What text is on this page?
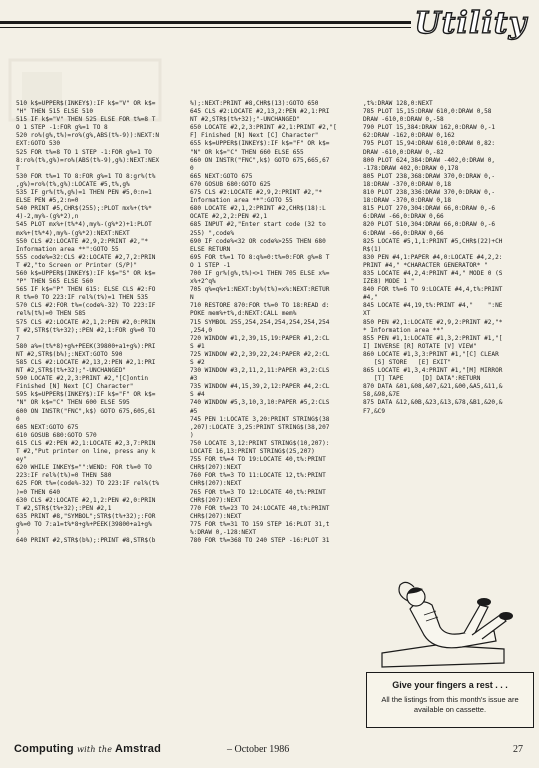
Utility
510 k$=UPPER$(INKEY$):IF k$="V" OR k$=
"H" THEN 515 ELSE 510
515 IF k$="V" THEN 525 ELSE FOR t%=8 T
O 1 STEP -1:FOR g%=1 TO 8
520 ro%(g%,t%)=ro%(g%,ABS(t%-9)):NEXT:N
EXT:GOTO 530
525 FOR t%=8 TO 1 STEP -1:FOR g%=1 TO
8:ro%(t%,g%)=ro%(ABS(t%-9),g%):NEXT:NEX
T
530 FOR t%=1 TO 8:FOR g%=1 TO 8:gr%(t%
,g%)=ro%(t%,g%):LOCATE #5,t%,g%
535 IF gr%(t%,g%)=1 THEN PEN #5,0:n=1
ELSE PEN #5,2:n=0
540 PRINT #5,CHR$(255);:PLOT mx%+(t%*
4)-2,my%-(g%*2),n
545 PLOT mx%+(t%*4),my%-(g%*2)+1:PLOT
mx%+(t%*4),my%-(g%*2):NEXT:NEXT
550 CLS #2:LOCATE #2,9,2:PRINT #2,"*
Information area **":GOTO 55
555 code%=32:CLS #2:LOCATE #2,7,2:PRIN
T #2,"to Screen or Printer (S/P)"
560 k$=UPPER$(INKEY$):IF k$="S" OR k$=
"P" THEN 565 ELSE 560
565 IF k$="P" THEN 615: ELSE CLS #2:FO
R t%=0 TO 223:IF rel%(t%)=1 THEN 535
570 CLS #2:FOR t%=(code%-32) TO 223:IF
rel%(t%)=0 THEN 585
575 CLS #2:LOCATE #2,1,2:PEN #2,0:PRIN
T #2,STR$(t%+32);:PEN #2,1:FOR g%=0 TO
7
580 a%=(t%*8)+g%+PEEK(39800+a1+g%):PRI
NT #2,STR$(b%);:NEXT:GOTO 590
585 CLS #2:LOCATE #2,13,2:PEN #2,1:PRI
NT #2,STR$(t%+32);"-UNCHANGED"
590 LOCATE #2,2,3:PRINT #2,"[C]ontin
Finished [N] Next [C] Character"
595 k$=UPPER$(INKEY$):IF k$="F" OR k$=
"N" OR k$="C" THEN 600 ELSE 595
600 ON INSTR("FNC",k$) GOTO 675,605,61
0
605 NEXT:GOTO 675
610 GOSUB 680:GOTO 570
615 CLS #2:PEN #2,1:LOCATE #2,3,7:PRIN
T #2,"Put printer on line, press any k
ey"
620 WHILE INKEY$="":WEND: FOR t%=0 TO
223:IF rel%(t%)=0 THEN 580
625 FOR t%=(code%-32) TO 223:IF rel%(t%
)=0 THEN 640
630 CLS #2:LOCATE #2,1,2:PEN #2,0:PRIN
T #2,STR$(t%+32);:PEN #2,1
635 PRINT #8,"SYMBOL";STR$(t%+32);:FOR
g%=0 TO 7:a1=t%*8+g%+PEEK(39800+a1+g%
)
640 PRINT #2,STR$(b%);:PRINT #8,STR$(b
%);:NEXT:PRINT #8,CHR$(13):GOTO 650
645 CLS #2:LOCATE #2,13,2:PEN #2,1:PRI
NT #2,STR$(t%+32);"-UNCHANGED"
650 LOCATE #2,2,3:PRINT #2,1:PRINT #2,"[
F] Finished [N] Next [C] Character"
655 k$=UPPER$(INKEY$):IF k$="F" OR k$=
"N" OR k$="C" THEN 660 ELSE 655
660 ON INSTR("FNC",k$) GOTO 675,665,67
0
665 NEXT:GOTO 675
670 GOSUB 680:GOTO 625
675 CLS #2:LOCATE #2,9,2:PRINT #2,"*
Information area **":GOTO 55
680 LOCATE #2,1,2:PRINT #2,CHR$(18):L
OCATE #2,2,2:PEN #2,1
685 INPUT #2,"Enter start code (32 to
255) ",code%
690 IF code%<32 OR code%>255 THEN 680
ELSE RETURN
695 FOR t%=1 TO 8:q%=0:t%=0:FOR g%=8 T
O 1 STEP -1
700 IF gr%(g%,t%)<>1 THEN 705 ELSE x%=
x%+2^q%
705 q%=q%+1:NEXT:by%(t%)=x%:NEXT:RETUR
N
710 RESTORE 870:FOR t%=0 TO 18:READ d:
POKE mem%+t%,d:NEXT:CALL mem%
715 SYMBOL 255,254,254,254,254,254,254
,254,0
720 WINDOW #1,2,39,15,19:PAPER #1,2:CL
S #1
725 WINDOW #2,2,39,22,24:PAPER #2,2:CL
S #2
730 WINDOW #3,2,11,2,11:PAPER #3,2:CLS
#3
735 WINDOW #4,15,39,2,12:PAPER #4,2:CL
S #4
740 WINDOW #5,3,10,3,10:PAPER #5,2:CLS
#5
745 PEN 1:LOCATE 3,20:PRINT STRING$(38
,207):LOCATE 3,25:PRINT STRING$(38,207
)
750 LOCATE 3,12:PRINT STRING$(10,207):
LOCATE 16,13:PRINT STRING$(25,207)
755 FOR t%=4 TO 19:LOCATE 40,t%:PRINT
CHR$(207):NEXT
760 FOR t%=3 TO 11:LOCATE 12,t%:PRINT
CHR$(207):NEXT
765 FOR t%=3 TO 12:LOCATE 40,t%:PRINT
CHR$(207):NEXT
770 FOR t%=23 TO 24:LOCATE 40,t%:PRINT
CHR$(207):NEXT
775 FOR t%=31 TO 159 STEP 16:PLOT 31,t
%:DRAW 0,-128:NEXT
780 FOR t%=368 TO 240 STEP -16:PLOT 31
,t%:DRAW 128,0:NEXT
785 PLOT 15,15:DRAW 610,0:DRAW 0,58
DRAW -610,0:DRAW 0,-58
790 PLOT 15,384:DRAW 162,0:DRAW 0,-1
62:DRAW -162,0:DRAW 0,162
795 PLOT 15,94:DRAW 610,0:DRAW 0,82:
DRAW -610,0:DRAW 0,-82
800 PLOT 624,384:DRAW -402,0:DRAW 0,
-178:DRAW 402,0:DRAW 0,178
805 PLOT 238,368:DRAW 370,0:DRAW 0,-
18:DRAW -370,0:DRAW 0,18
810 PLOT 238,336:DRAW 370,0:DRAW 0,-
18:DRAW -370,0:DRAW 0,18
815 PLOT 270,304:DRAW 66,0:DRAW 0,-6
6:DRAW -66,0:DRAW 0,66
820 PLOT 510,304:DRAW 66,0:DRAW 0,-6
6:DRAW -66,0:DRAW 0,66
825 LOCATE #5,1,1:PRINT #5,CHR$(22)+CH
R$(1)
830 PEN #4,1:PAPER #4,0:LOCATE #4,2,2:
PRINT #4," *CHARACTER GENERATOR* "
835 LOCATE #4,2,4:PRINT #4," MODE 0 (S
IZE8) MODE 1 "
840 FOR t%=6 TO 9:LOCATE #4,4,t%:PRINT
#4,"
845 LOCATE #4,19,t%:PRINT #4,"    ":NE
XT
850 PEN #2,1:LOCATE #2,9,2:PRINT #2,"*
* Information area **"
855 PEN #1,1:LOCATE #1,3,2:PRINT #1,"[
I] INVERSE [R] ROTATE [V] VIEW"
860 LOCATE #1,3,3:PRINT #1,"[C] CLEAR
[S] STORE   [E] EXIT"
865 LOCATE #1,3,4:PRINT #1,"[M] MIRROR
[T] TAPE     [D] DATA":RETURN
870 DATA &01,&08,&07,&21,&00,&A5,&11,&
58,&98,&7E
875 DATA &12,&0B,&23,&13,&78,&B1,&20,&
F7,&C9
Give your fingers a rest . . .
All the listings from this month's issue are available on cassette.
Computing with the Amstrad	– October 1986	27
